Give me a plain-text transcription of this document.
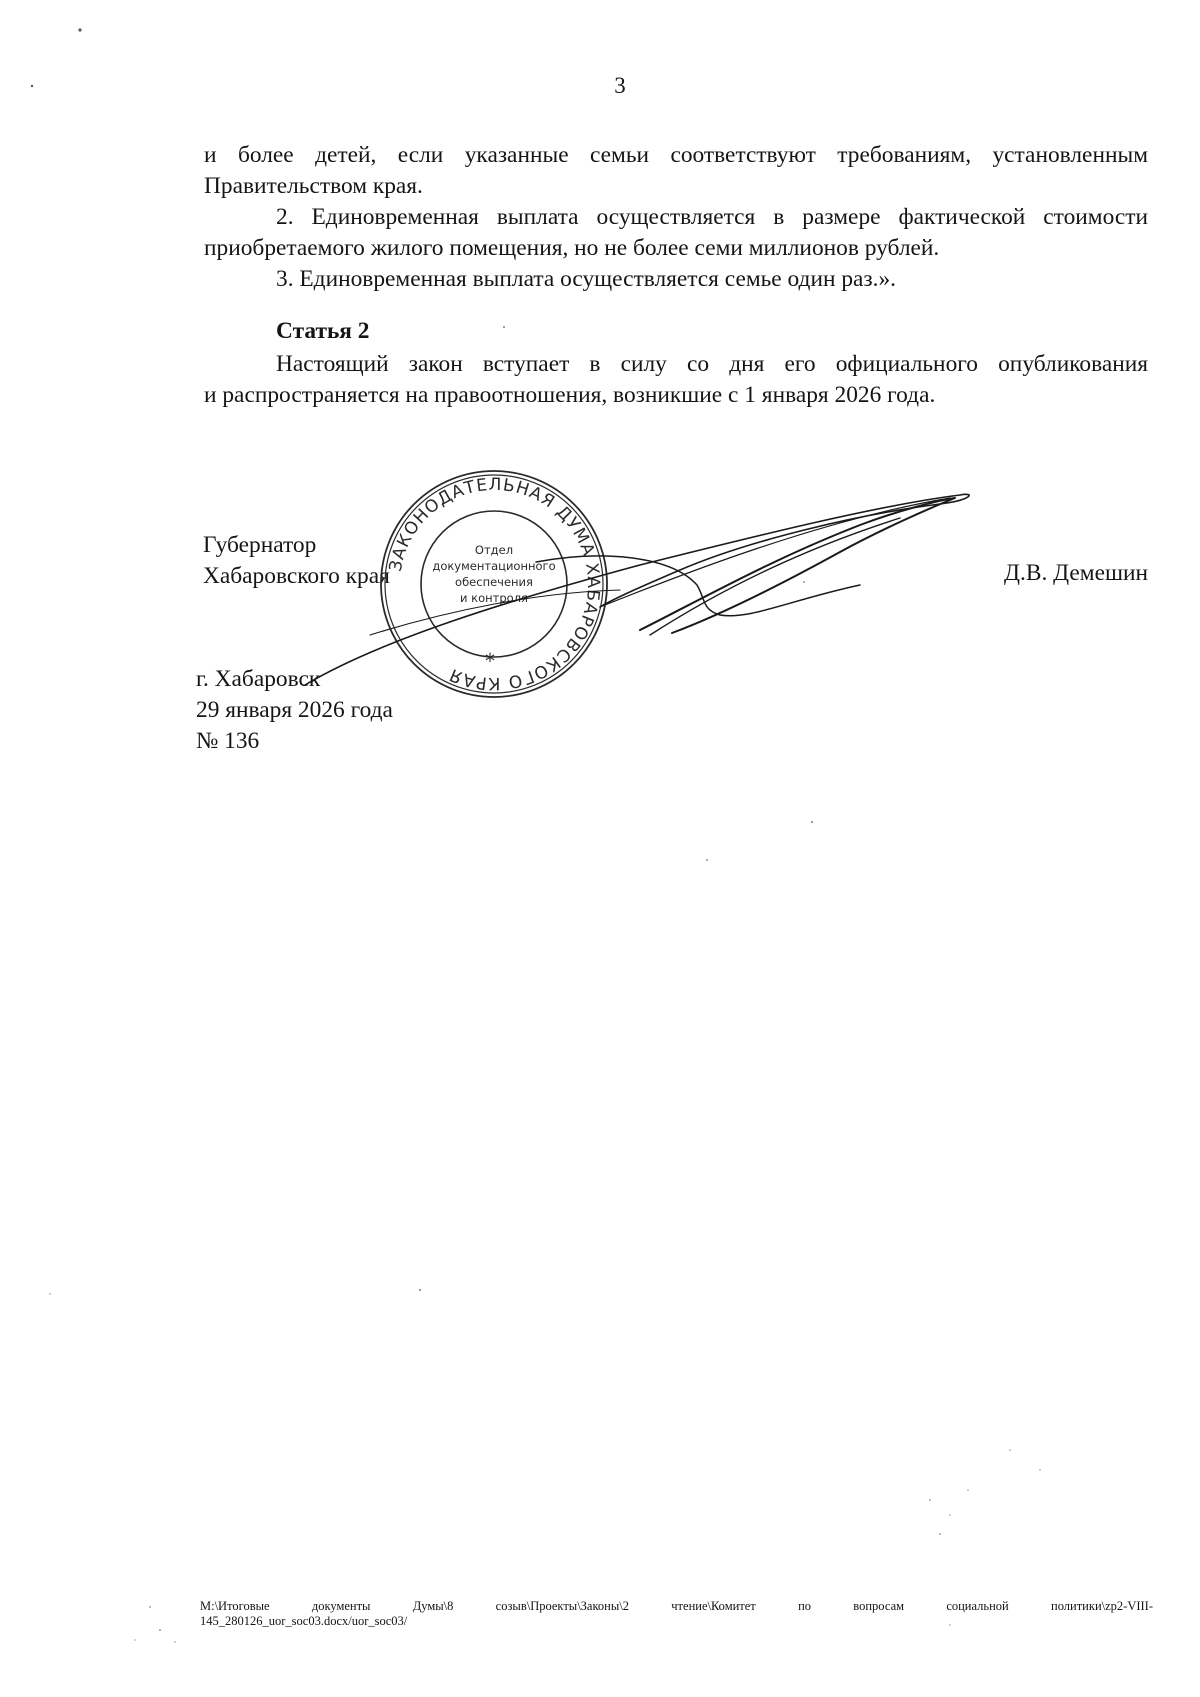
3
и более детей, если указанные семьи соответствуют требованиям, установленным
Правительством края.
2. Единовременная выплата осуществляется в размере фактической стоимости
приобретаемого жилого помещения, но не более семи миллионов рублей.
3. Единовременная выплата осуществляется семье один раз.».
Статья 2
Настоящий закон вступает в силу со дня его официального опубликования
и распространяется на правоотношения, возникшие с 1 января 2026 года.
Губернатор
Хабаровского края	Д.В. Демешин
ЗАКОНОДАТЕЛЬНАЯ ДУМА ХАБАРОВСКОГО КРАЯ
Отдел
документационного
обеспечения
и контроля
*
г. Хабаровск
29 января 2026 года
№ 136
М:\Итоговые документы Думы\8 созыв\Проекты\Законы\2 чтение\Комитет по вопросам социальной политики\zp2-VIII-
145_280126_uor_soc03.docx/uor_soc03/
